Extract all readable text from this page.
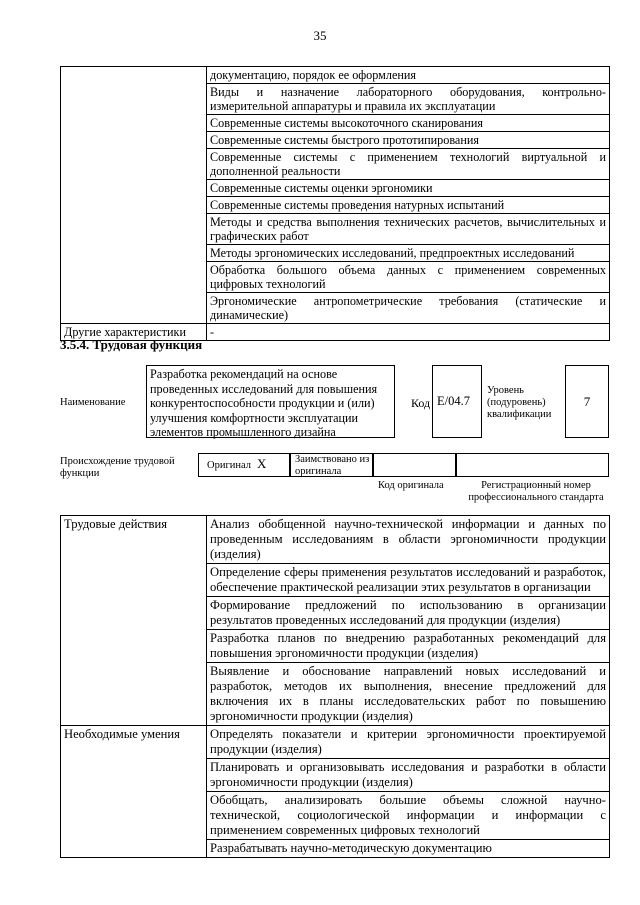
35
	документацию, порядок ее оформления
	Виды и назначение лабораторного оборудования, контрольно-измерительной аппаратуры и правила их эксплуатации
	Современные системы высокоточного сканирования
	Современные системы быстрого прототипирования
	Современные системы с применением технологий виртуальной и дополненной реальности
	Современные системы оценки эргономики
	Современные системы проведения натурных испытаний
	Методы и средства выполнения технических расчетов, вычислительных и графических работ
	Методы эргономических исследований, предпроектных исследований
	Обработка большого объема данных с применением современных цифровых технологий
	Эргономические антропометрические требования (статические и динамические)
Другие характеристики	-
3.5.4. Трудовая функция
Наименование
Разработка рекомендаций на основе проведенных исследований для повышения конкурентоспособности продукции и (или) улучшения комфортности эксплуатации элементов промышленного дизайна
Код E/04.7
Уровень (подуровень) квалификации
7
Происхождение трудовой функции
Оригинал X	Заимствовано из оригинала
Код оригинала	Регистрационный номер профессионального стандарта
Трудовые действия	Анализ обобщенной научно-технической информации и данных по проведенным исследованиям в области эргономичности продукции (изделия)
	Определение сферы применения результатов исследований и разработок, обеспечение практической реализации этих результатов в организации
	Формирование предложений по использованию в организации результатов проведенных исследований для продукции (изделия)
	Разработка планов по внедрению разработанных рекомендаций для повышения эргономичности продукции (изделия)
	Выявление и обоснование направлений новых исследований и разработок, методов их выполнения, внесение предложений для включения их в планы исследовательских работ по повышению эргономичности продукции (изделия)
Необходимые умения	Определять показатели и критерии эргономичности проектируемой продукции (изделия)
	Планировать и организовывать исследования и разработки в области эргономичности продукции (изделия)
	Обобщать, анализировать большие объемы сложной научно-технической, социологической информации и информации с применением современных цифровых технологий
	Разрабатывать научно-методическую документацию
